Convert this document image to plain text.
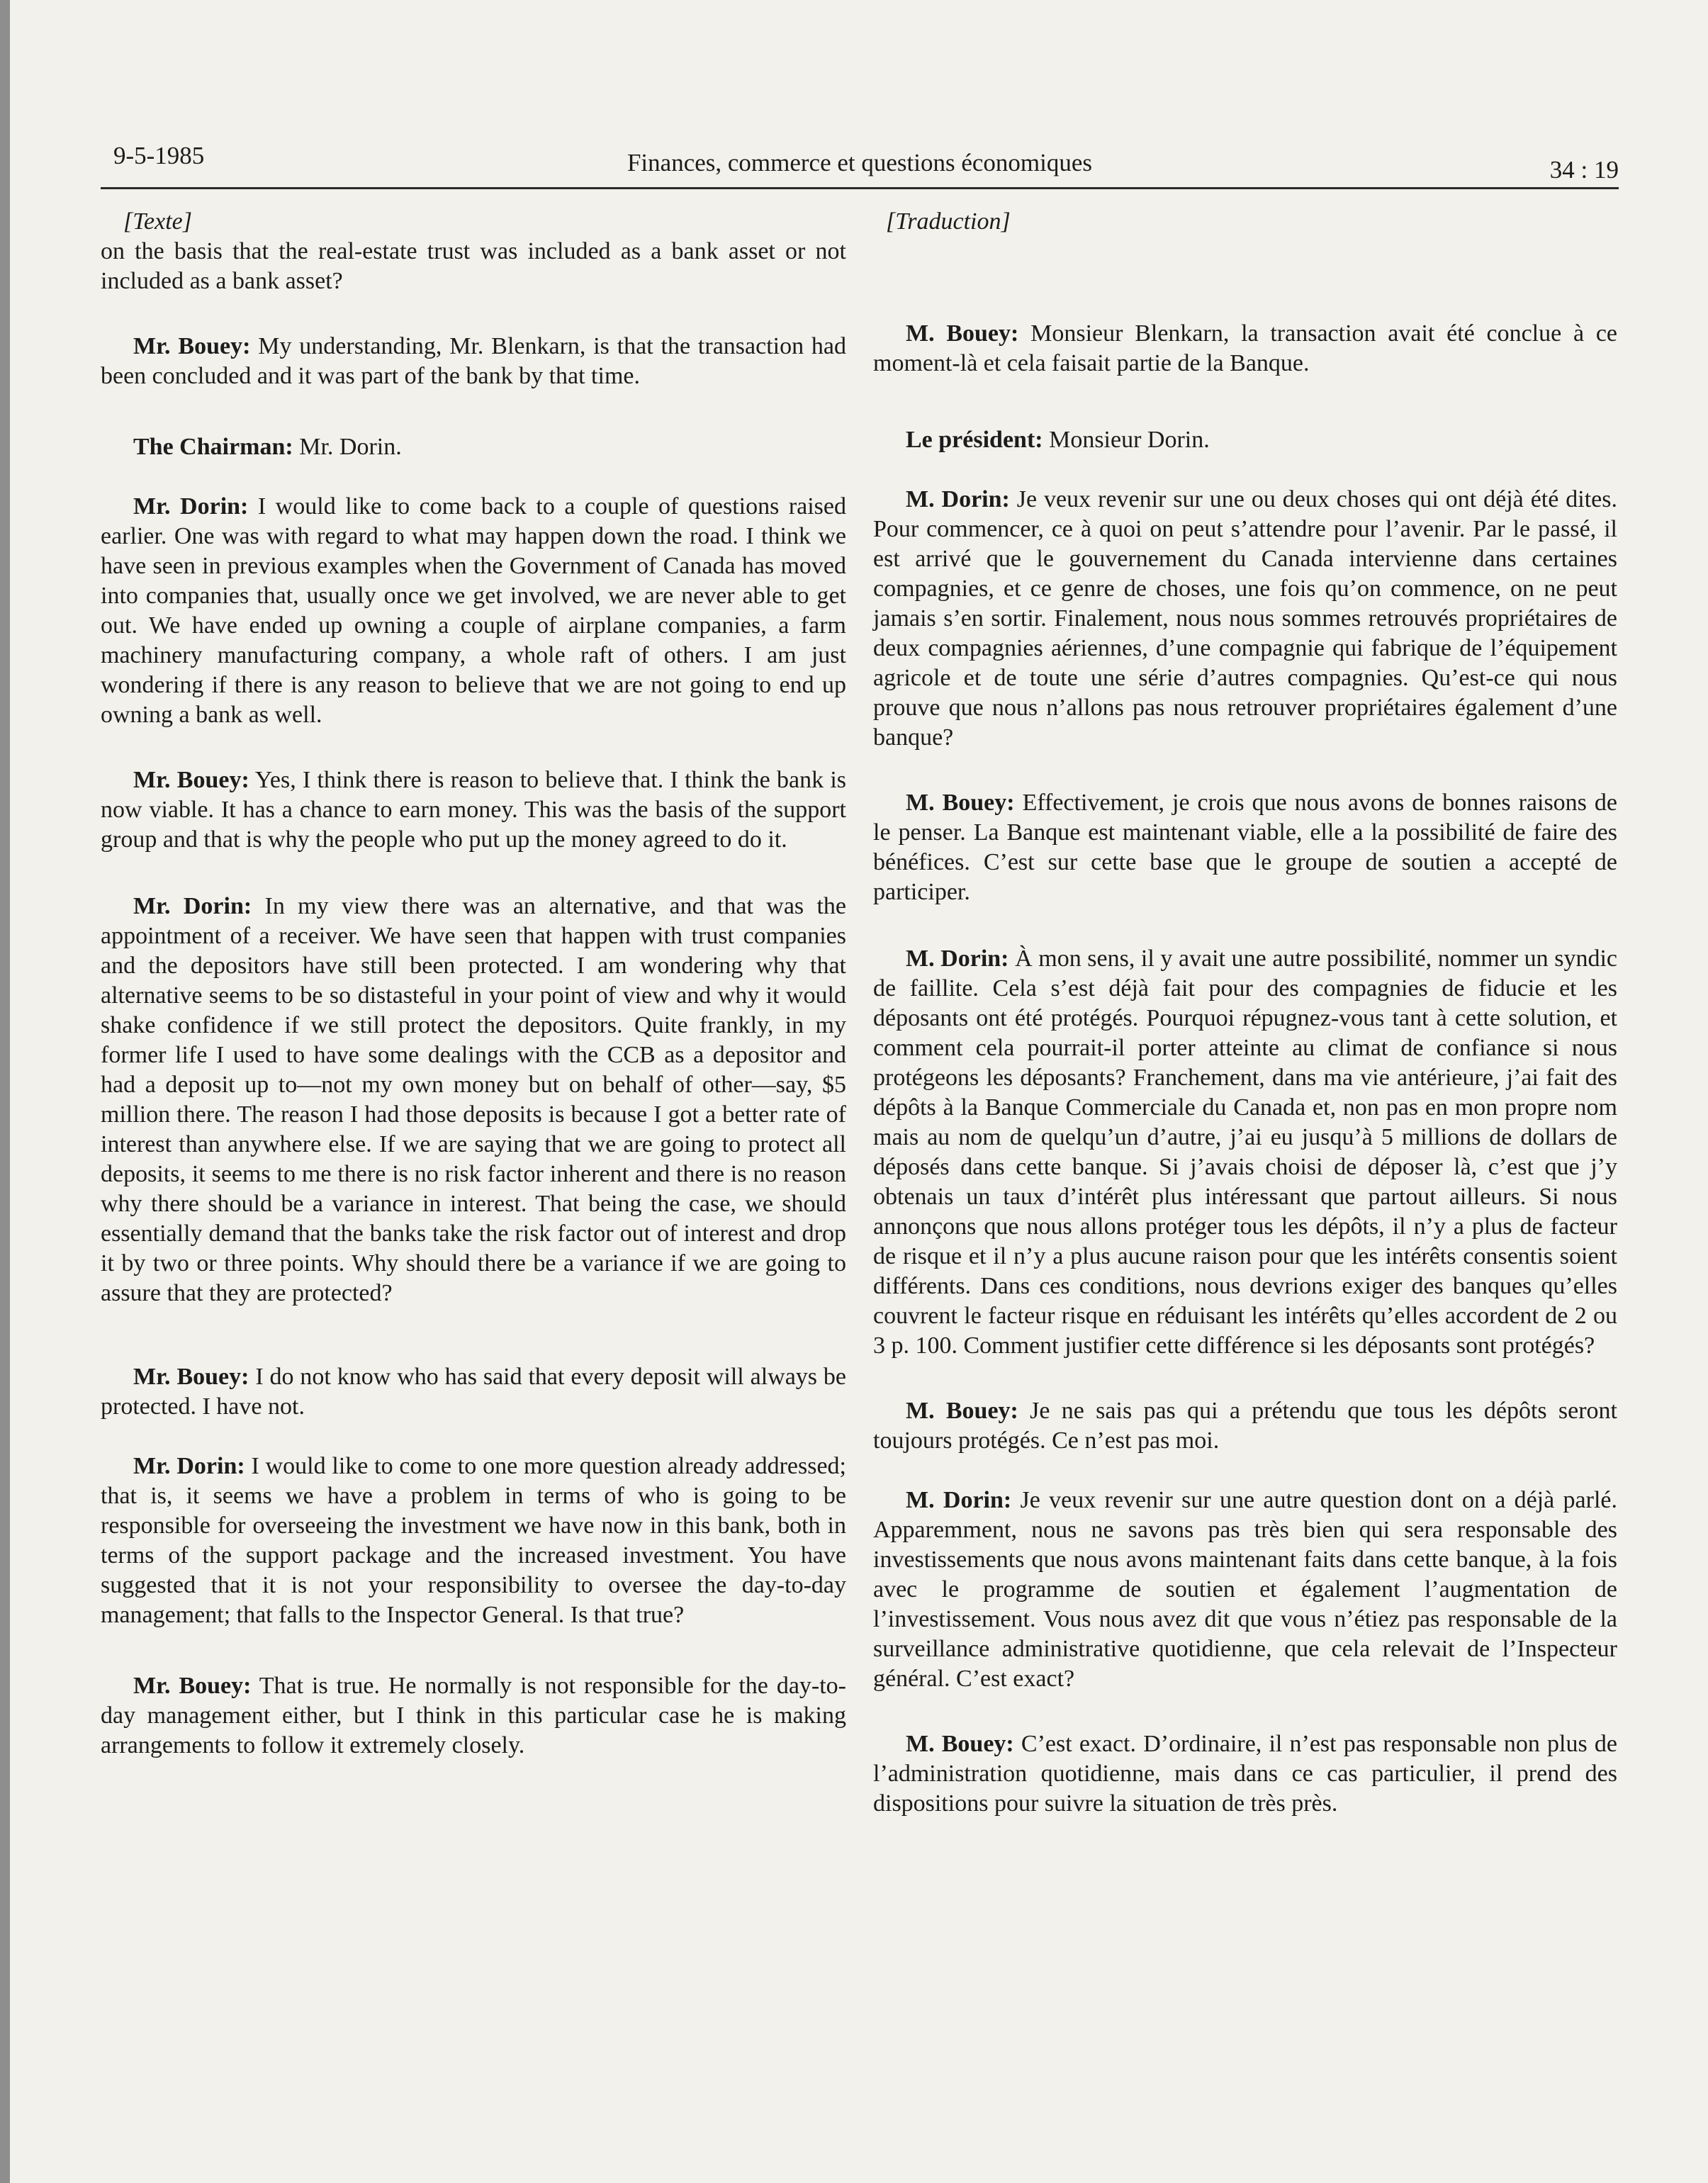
9-5-1985	Finances, commerce et questions économiques	34 : 19
[Texte]

on the basis that the real-estate trust was included as a bank asset or not included as a bank asset?

Mr. Bouey: My understanding, Mr. Blenkarn, is that the transaction had been concluded and it was part of the bank by that time.

The Chairman: Mr. Dorin.

Mr. Dorin: I would like to come back to a couple of questions raised earlier. One was with regard to what may happen down the road. I think we have seen in previous examples when the Government of Canada has moved into companies that, usually once we get involved, we are never able to get out. We have ended up owning a couple of airplane companies, a farm machinery manufacturing company, a whole raft of others. I am just wondering if there is any reason to believe that we are not going to end up owning a bank as well.

Mr. Bouey: Yes, I think there is reason to believe that. I think the bank is now viable. It has a chance to earn money. This was the basis of the support group and that is why the people who put up the money agreed to do it.

Mr. Dorin: In my view there was an alternative, and that was the appointment of a receiver. We have seen that happen with trust companies and the depositors have still been protected. I am wondering why that alternative seems to be so distasteful in your point of view and why it would shake confidence if we still protect the depositors. Quite frankly, in my former life I used to have some dealings with the CCB as a depositor and had a deposit up to—not my own money but on behalf of other—say, $5 million there. The reason I had those deposits is because I got a better rate of interest than anywhere else. If we are saying that we are going to protect all deposits, it seems to me there is no risk factor inherent and there is no reason why there should be a variance in interest. That being the case, we should essentially demand that the banks take the risk factor out of interest and drop it by two or three points. Why should there be a variance if we are going to assure that they are protected?

Mr. Bouey: I do not know who has said that every deposit will always be protected. I have not.

Mr. Dorin: I would like to come to one more question already addressed; that is, it seems we have a problem in terms of who is going to be responsible for overseeing the investment we have now in this bank, both in terms of the support package and the increased investment. You have suggested that it is not your responsibility to oversee the day-to-day management; that falls to the Inspector General. Is that true?

Mr. Bouey: That is true. He normally is not responsible for the day-to-day management either, but I think in this particular case he is making arrangements to follow it extremely closely.

[Traduction]

M. Bouey: Monsieur Blenkarn, la transaction avait été conclue à ce moment-là et cela faisait partie de la Banque.

Le président: Monsieur Dorin.

M. Dorin: Je veux revenir sur une ou deux choses qui ont déjà été dites. Pour commencer, ce à quoi on peut s’attendre pour l’avenir. Par le passé, il est arrivé que le gouvernement du Canada intervienne dans certaines compagnies, et ce genre de choses, une fois qu’on commence, on ne peut jamais s’en sortir. Finalement, nous nous sommes retrouvés propriétaires de deux compagnies aériennes, d’une compagnie qui fabrique de l’équipement agricole et de toute une série d’autres compagnies. Qu’est-ce qui nous prouve que nous n’allons pas nous retrouver propriétaires également d’une banque?

M. Bouey: Effectivement, je crois que nous avons de bonnes raisons de le penser. La Banque est maintenant viable, elle a la possibilité de faire des bénéfices. C’est sur cette base que le groupe de soutien a accepté de participer.

M. Dorin: À mon sens, il y avait une autre possibilité, nommer un syndic de faillite. Cela s’est déjà fait pour des compagnies de fiducie et les déposants ont été protégés. Pourquoi répugnez-vous tant à cette solution, et comment cela pourrait-il porter atteinte au climat de confiance si nous protégeons les déposants? Franchement, dans ma vie antérieure, j’ai fait des dépôts à la Banque Commerciale du Canada et, non pas en mon propre nom mais au nom de quelqu’un d’autre, j’ai eu jusqu’à 5 millions de dollars de déposés dans cette banque. Si j’avais choisi de déposer là, c’est que j’y obtenais un taux d’intérêt plus intéressant que partout ailleurs. Si nous annonçons que nous allons protéger tous les dépôts, il n’y a plus de facteur de risque et il n’y a plus aucune raison pour que les intérêts consentis soient différents. Dans ces conditions, nous devrions exiger des banques qu’elles couvrent le facteur risque en réduisant les intérêts qu’elles accordent de 2 ou 3 p. 100. Comment justifier cette différence si les déposants sont protégés?

M. Bouey: Je ne sais pas qui a prétendu que tous les dépôts seront toujours protégés. Ce n’est pas moi.

M. Dorin: Je veux revenir sur une autre question dont on a déjà parlé. Apparemment, nous ne savons pas très bien qui sera responsable des investissements que nous avons maintenant faits dans cette banque, à la fois avec le programme de soutien et également l’augmentation de l’investissement. Vous nous avez dit que vous n’étiez pas responsable de la surveillance administrative quotidienne, que cela relevait de l’Inspecteur général. C’est exact?

M. Bouey: C’est exact. D’ordinaire, il n’est pas responsable non plus de l’administration quotidienne, mais dans ce cas particulier, il prend des dispositions pour suivre la situation de très près.
